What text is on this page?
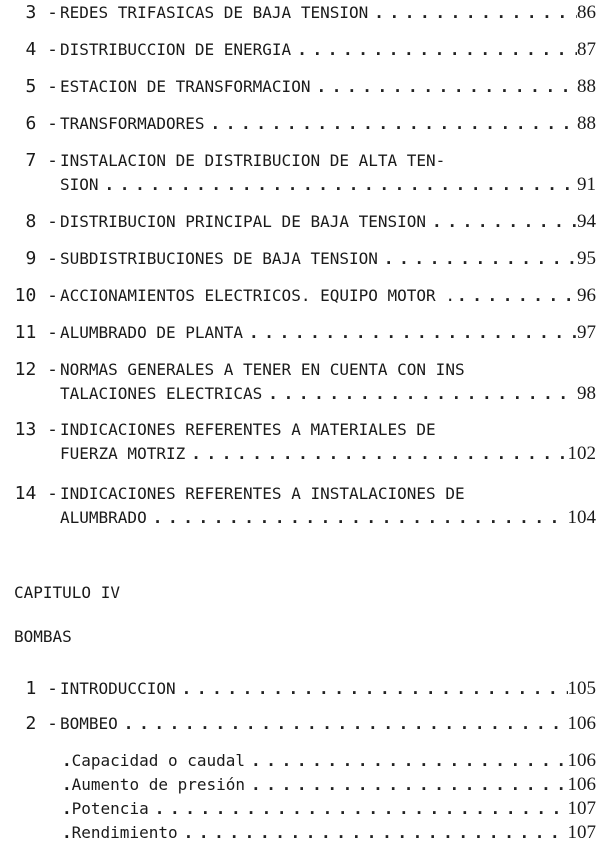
3 - REDES TRIFASICAS DE BAJA TENSION . . .	86
4 - DISTRIBUCCION DE ENERGIA . . .	87
5 - ESTACION DE TRANSFORMACION . . .	88
6 - TRANSFORMADORES . . .	88
7 - INSTALACION DE DISTRIBUCION DE ALTA TEN-
SION . . .	91
8 - DISTRIBUCION PRINCIPAL DE BAJA TENSION . . .	94
9 - SUBDISTRIBUCIONES DE BAJA TENSION . . .	95
10 - ACCIONAMIENTOS ELECTRICOS. EQUIPO MOTOR . . . .	96
11 - ALUMBRADO DE PLANTA . . .	97
12 - NORMAS GENERALES A TENER EN CUENTA CON INS
TALACIONES ELECTRICAS . . .	98
13 - INDICACIONES REFERENTES A MATERIALES DE
FUERZA MOTRIZ . . .	102
14 - INDICACIONES REFERENTES A INSTALACIONES DE
ALUMBRADO . . .	104
CAPITULO IV
BOMBAS
1 - INTRODUCCION . . .	105
2 - BOMBEO . . .	106
. Capacidad o caudal . . .	106
. Aumento de presión . . .	106
. Potencia . . .	107
. Rendimiento . . .	107
